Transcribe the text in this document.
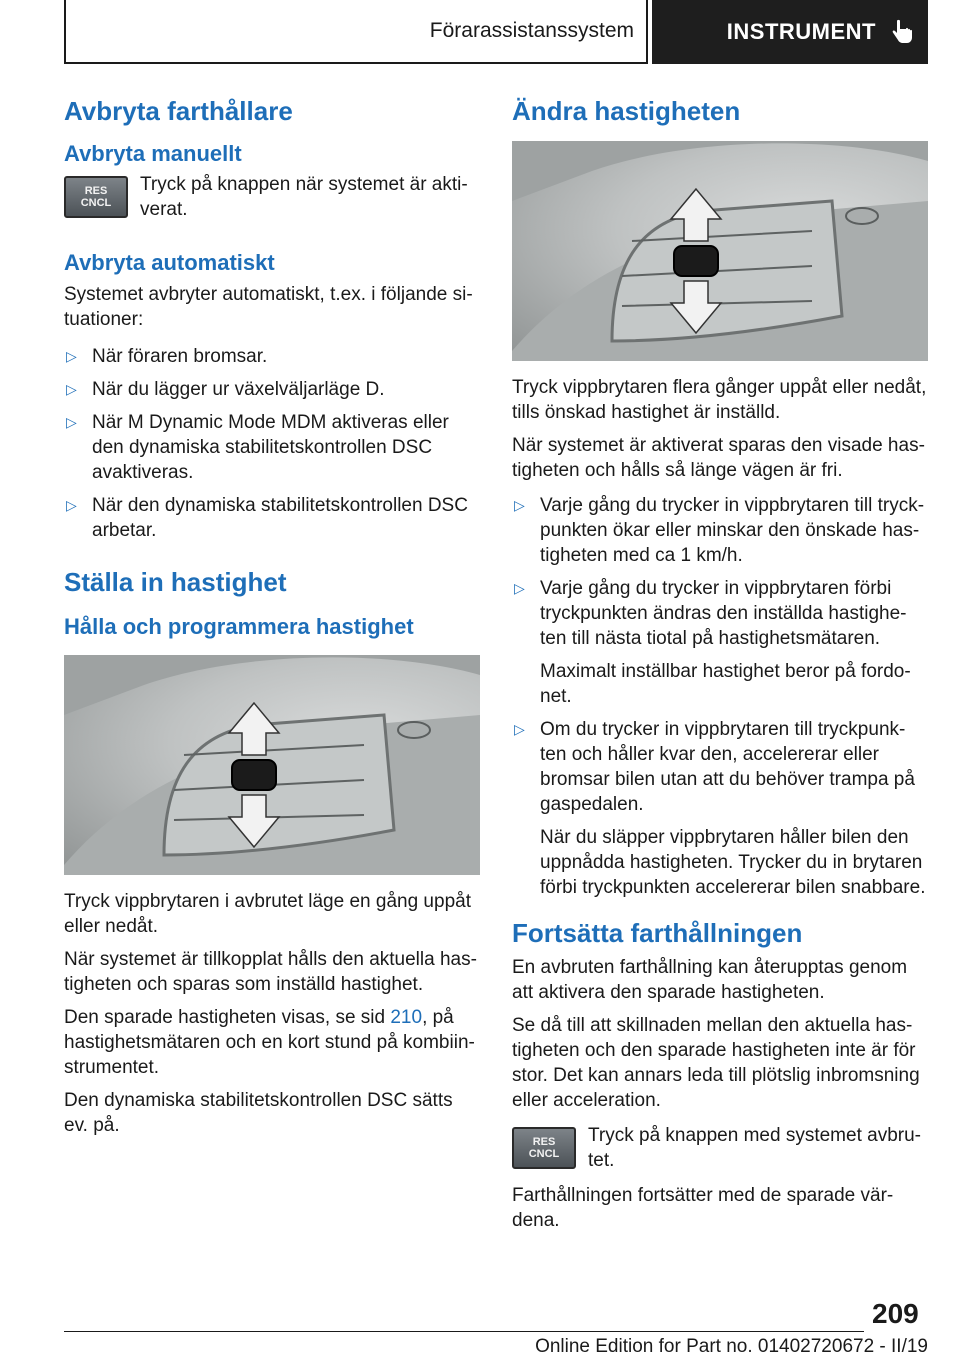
Förarassistanssystem	INSTRUMENT
Avbryta farthållare
Avbryta manuellt
RES
CNCL

Tryck på knappen när systemet är akti‐ verat.

Avbryta automatiskt

Systemet avbryter automatiskt, t.ex. i följande si‐ tuationer:

▷ När föraren bromsar.
▷ När du lägger ur växelväljarläge D.
▷ När M Dynamic Mode MDM aktiveras eller den dynamiska stabilitetskontrollen DSC avaktiveras.
▷ När den dynamiska stabilitetskontrollen DSC arbetar.
Ställa in hastighet
Hålla och programmera hastighet

Tryck vippbrytaren i avbrutet läge en gång uppåt eller nedåt.

När systemet är tillkopplat hålls den aktuella has‐ tigheten och sparas som inställd hastighet.

Den sparade hastigheten visas, se sid 210, på hastighetsmätaren och en kort stund på kombiin‐ strumentet.

Den dynamiska stabilitetskontrollen DSC sätts ev. på.

Ändra hastigheten

Tryck vippbrytaren flera gånger uppåt eller nedåt, tills önskad hastighet är inställd.

När systemet är aktiverat sparas den visade has‐ tigheten och hålls så länge vägen är fri.

▷ Varje gång du trycker in vippbrytaren till tryck‐ punkten ökar eller minskar den önskade has‐ tigheten med ca 1 km/h.
▷ Varje gång du trycker in vippbrytaren förbi tryckpunkten ändras den inställda hastighe‐ ten till nästa tiotal på hastighetsmätaren.

Maximalt inställbar hastighet beror på fordo‐ net.

▷ Om du trycker in vippbrytaren till tryckpunk‐ ten och håller kvar den, accelererar eller bromsar bilen utan att du behöver trampa på gaspedalen.

När du släpper vippbrytaren håller bilen den uppnådda hastigheten. Trycker du in brytaren förbi tryckpunkten accelererar bilen snabbare.

Fortsätta farthållningen

En avbruten farthållning kan återupptas genom att aktivera den sparade hastigheten.

Se då till att skillnaden mellan den aktuella has‐ tigheten och den sparade hastigheten inte är för stor. Det kan annars leda till plötslig inbromsning eller acceleration.

RES
CNCL

Tryck på knappen med systemet avbru‐ tet.

Farthållningen fortsätter med de sparade vär‐ dena.

209
Online Edition for Part no. 01402720672 - II/19
